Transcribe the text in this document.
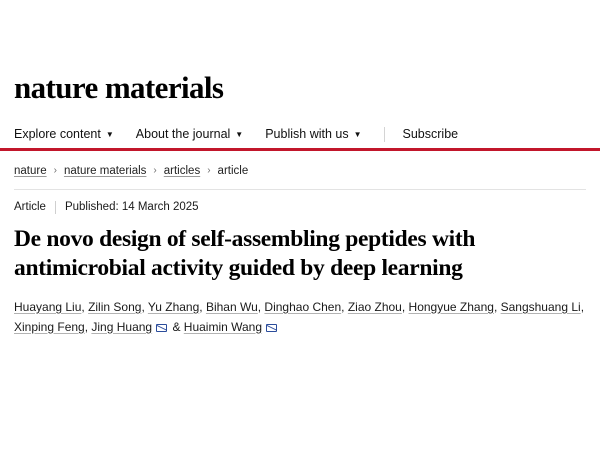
nature materials
Explore content ▼ About the journal ▼ Publish with us ▼	Subscribe
nature › nature materials › articles › article
Article Published: 14 March 2025
De novo design of self-assembling peptides with antimicrobial activity guided by deep learning
Huayang Liu, Zilin Song, Yu Zhang, Bihan Wu, Dinghao Chen, Ziao Zhou, Hongyue Zhang, Sangshuang Li, Xinping Feng, Jing Huang & Huaimin Wang
